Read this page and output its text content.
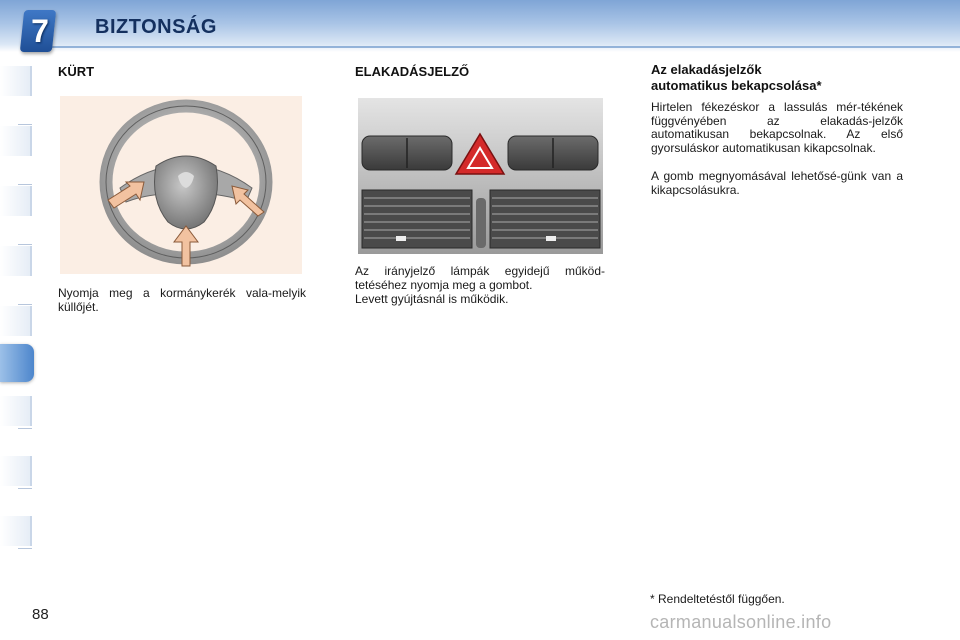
7	BIZTONSÁG
KÜRT
Nyomja meg a kormánykerék vala-melyik küllőjét.
ELAKADÁSJELZŐ
Az irányjelző lámpák egyidejű működ-tetéséhez nyomja meg a gombot.
Levett gyújtásnál is működik.
Az elakadásjelzők
automatikus bekapcsolása*
Hirtelen fékezéskor a lassulás mér-tékének függvényében az elakadás-jelzők automatikusan bekapcsolnak. Az első gyorsuláskor automatikusan kikapcsolnak.
A gomb megnyomásával lehetősé-günk van a kikapcsolásukra.
* Rendeltetéstől függően.
88	carmanualsonline.info
